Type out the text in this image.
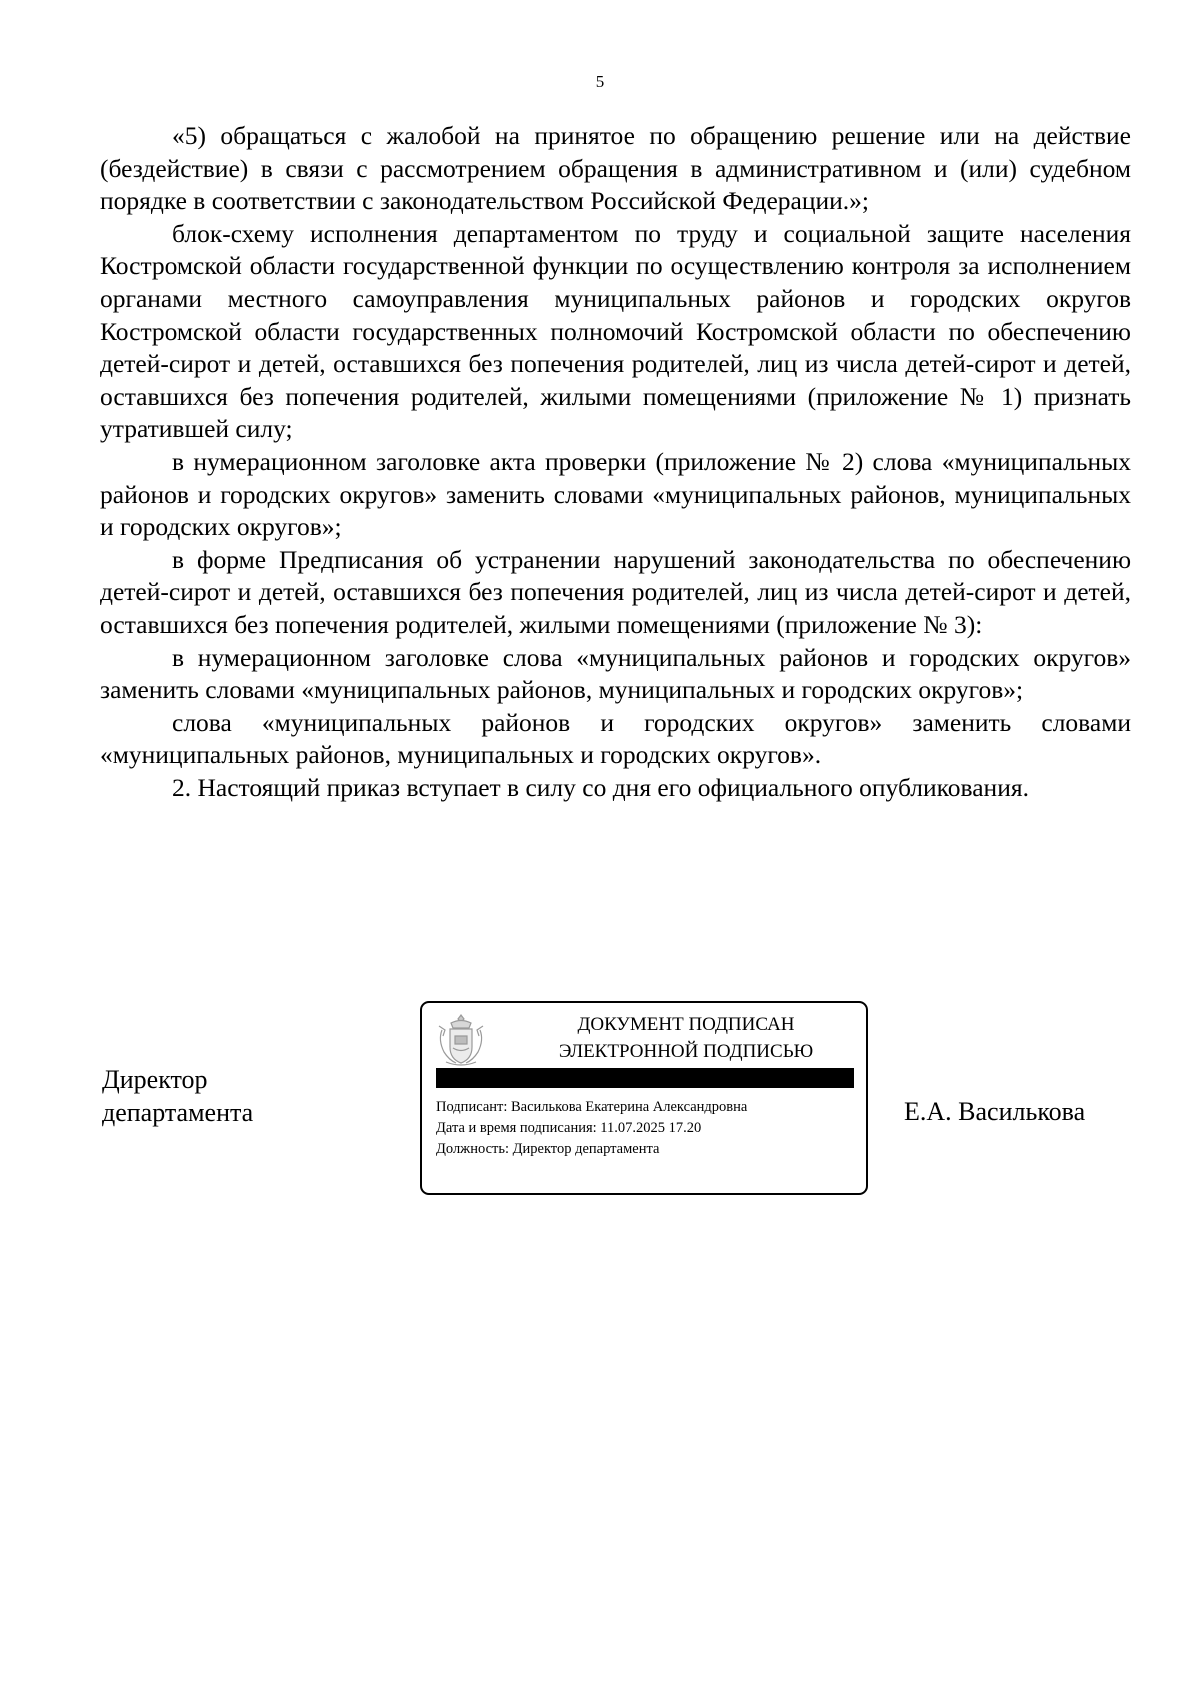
5

«5) обращаться с жалобой на принятое по обращению решение или на действие (бездействие) в связи с рассмотрением обращения в административном и (или) судебном порядке в соответствии с законодательством Российской Федерации.»;

блок-схему исполнения департаментом по труду и социальной защите населения Костромской области государственной функции по осуществлению контроля за исполнением органами местного самоуправления муниципальных районов и городских округов Костромской области государственных полномочий Костромской области по обеспечению детей-сирот и детей, оставшихся без попечения родителей, лиц из числа детей-сирот и детей, оставшихся без попечения родителей, жилыми помещениями (приложение № 1) признать утратившей силу;

в нумерационном заголовке акта проверки (приложение № 2) слова «муниципальных районов и городских округов» заменить словами «муниципальных районов, муниципальных и городских округов»;

в форме Предписания об устранении нарушений законодательства по обеспечению детей-сирот и детей, оставшихся без попечения родителей, лиц из числа детей-сирот и детей, оставшихся без попечения родителей, жилыми помещениями (приложение № 3):

в нумерационном заголовке слова «муниципальных районов и городских округов» заменить словами «муниципальных районов, муниципальных и городских округов»;

слова «муниципальных районов и городских округов» заменить словами «муниципальных районов, муниципальных и городских округов».

2. Настоящий приказ вступает в силу со дня его официального опубликования.

Директор
департамента	Е.А. Василькова
ДОКУМЕНТ ПОДПИСАН
ЭЛЕКТРОННОЙ ПОДПИСЬЮ
Подписант: Василькова Екатерина Александровна
Дата и время подписания: 11.07.2025 17.20
Должность: Директор департамента
